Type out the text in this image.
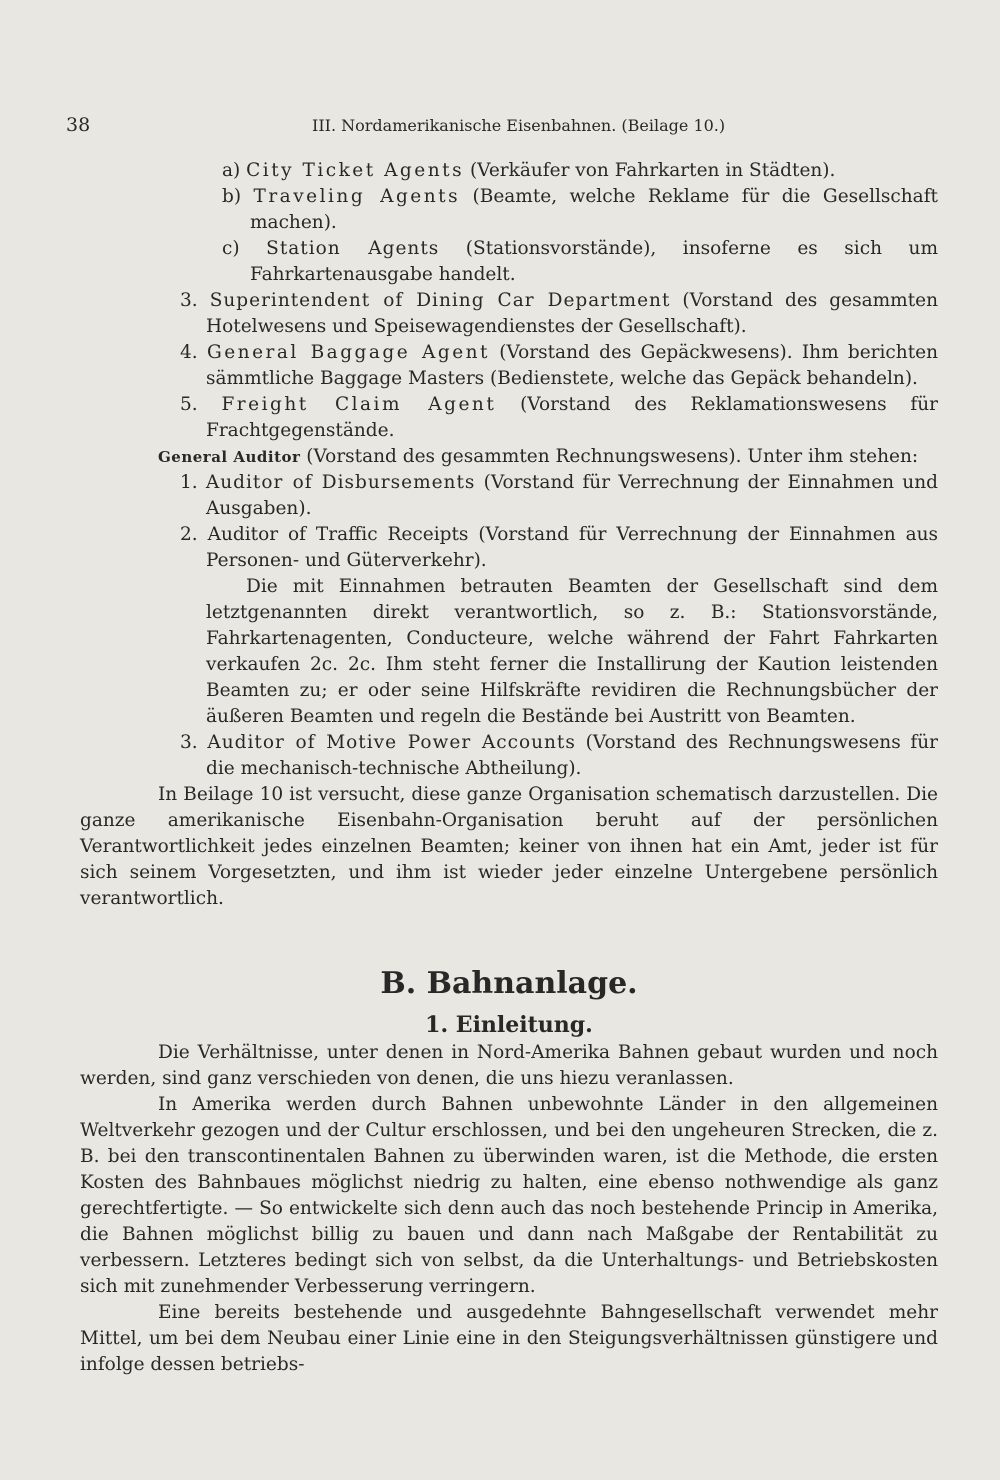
38	III. Nordamerikanische Eisenbahnen. (Beilage 10.)

a) City Ticket Agents (Verkäufer von Fahrkarten in Städten).

b) Traveling Agents (Beamte, welche Reklame für die Gesellschaft machen).

c) Station Agents (Stationsvorstände), insoferne es sich um Fahrkartenausgabe handelt.

3. Superintendent of Dining Car Department (Vorstand des gesammten Hotelwesens und Speisewagendienstes der Gesellschaft).

4. General Baggage Agent (Vorstand des Gepäckwesens). Ihm berichten sämmtliche Baggage Masters (Bedienstete, welche das Gepäck behandeln).

5. Freight Claim Agent (Vorstand des Reklamationswesens für Frachtgegenstände.

General Auditor (Vorstand des gesammten Rechnungswesens). Unter ihm stehen:

1. Auditor of Disbursements (Vorstand für Verrechnung der Einnahmen und Ausgaben).

2. Auditor of Traffic Receipts (Vorstand für Verrechnung der Einnahmen aus Personen- und Güterverkehr).

Die mit Einnahmen betrauten Beamten der Gesellschaft sind dem letztgenannten direkt verantwortlich, so z. B.: Stationsvorstände, Fahrkartenagenten, Conducteure, welche während der Fahrt Fahrkarten verkaufen 2c. 2c. Ihm steht ferner die Installirung der Kaution leistenden Beamten zu; er oder seine Hilfskräfte revidiren die Rechnungsbücher der äußeren Beamten und regeln die Bestände bei Austritt von Beamten.

3. Auditor of Motive Power Accounts (Vorstand des Rechnungswesens für die mechanisch-technische Abtheilung).

In Beilage 10 ist versucht, diese ganze Organisation schematisch darzustellen. Die ganze amerikanische Eisenbahn-Organisation beruht auf der persönlichen Verantwortlichkeit jedes einzelnen Beamten; keiner von ihnen hat ein Amt, jeder ist für sich seinem Vorgesetzten, und ihm ist wieder jeder einzelne Untergebene persönlich verantwortlich.

B. Bahnanlage.
1. Einleitung.

Die Verhältnisse, unter denen in Nord-Amerika Bahnen gebaut wurden und noch werden, sind ganz verschieden von denen, die uns hiezu veranlassen.

In Amerika werden durch Bahnen unbewohnte Länder in den allgemeinen Weltverkehr gezogen und der Cultur erschlossen, und bei den ungeheuren Strecken, die z. B. bei den transcontinentalen Bahnen zu überwinden waren, ist die Methode, die ersten Kosten des Bahnbaues möglichst niedrig zu halten, eine ebenso nothwendige als ganz gerechtfertigte. — So entwickelte sich denn auch das noch bestehende Princip in Amerika, die Bahnen möglichst billig zu bauen und dann nach Maßgabe der Rentabilität zu verbessern. Letzteres bedingt sich von selbst, da die Unterhaltungs- und Betriebskosten sich mit zunehmender Verbesserung verringern.

Eine bereits bestehende und ausgedehnte Bahngesellschaft verwendet mehr Mittel, um bei dem Neubau einer Linie eine in den Steigungsverhältnissen günstigere und infolge dessen betriebs-
